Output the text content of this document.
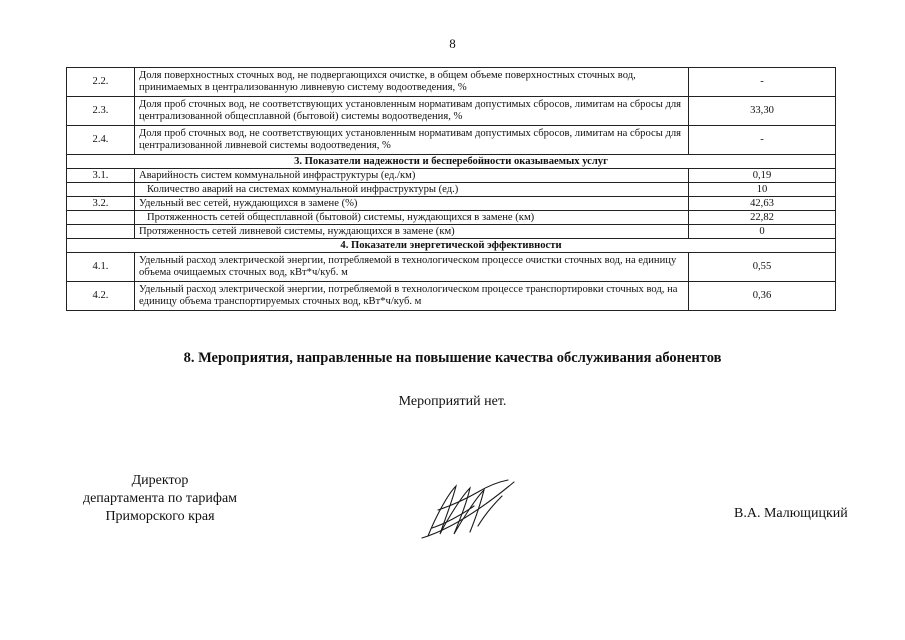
8
2.2.	Доля поверхностных сточных вод, не подвергающихся очистке, в общем объеме поверхностных сточных вод, принимаемых в централизованную ливневую систему водоотведения, %	-
2.3.	Доля проб сточных вод, не соответствующих установленным нормативам допустимых сбросов, лимитам на сбросы для централизованной общесплавной (бытовой) системы водоотведения, %	33,30
2.4.	Доля проб сточных вод, не соответствующих установленным нормативам допустимых сбросов, лимитам на сбросы для централизованной ливневой системы водоотведения, %	-
3. Показатели надежности и бесперебойности оказываемых услуг		
3.1.	Аварийность систем коммунальной инфраструктуры (ед./км)	0,19
	Количество аварий на системах коммунальной инфраструктуры (ед.)	10
3.2.	Удельный вес сетей, нуждающихся в замене (%)	42,63
	Протяженность сетей общесплавной (бытовой) системы, нуждающихся в замене (км)	22,82
	Протяженность сетей ливневой системы, нуждающихся в замене (км)	0
4. Показатели энергетической эффективности		
4.1.	Удельный расход электрической энергии, потребляемой в технологическом процессе очистки сточных вод, на единицу объема очищаемых сточных вод, кВт*ч/куб. м	0,55
4.2.	Удельный расход электрической энергии, потребляемой в технологическом процессе транспортировки сточных вод, на единицу объема транспортируемых сточных вод, кВт*ч/куб. м	0,36
8. Мероприятия, направленные на повышение качества обслуживания абонентов
Мероприятий нет.
Директор
департамента по тарифам
Приморского края	В.А. Малющицкий
